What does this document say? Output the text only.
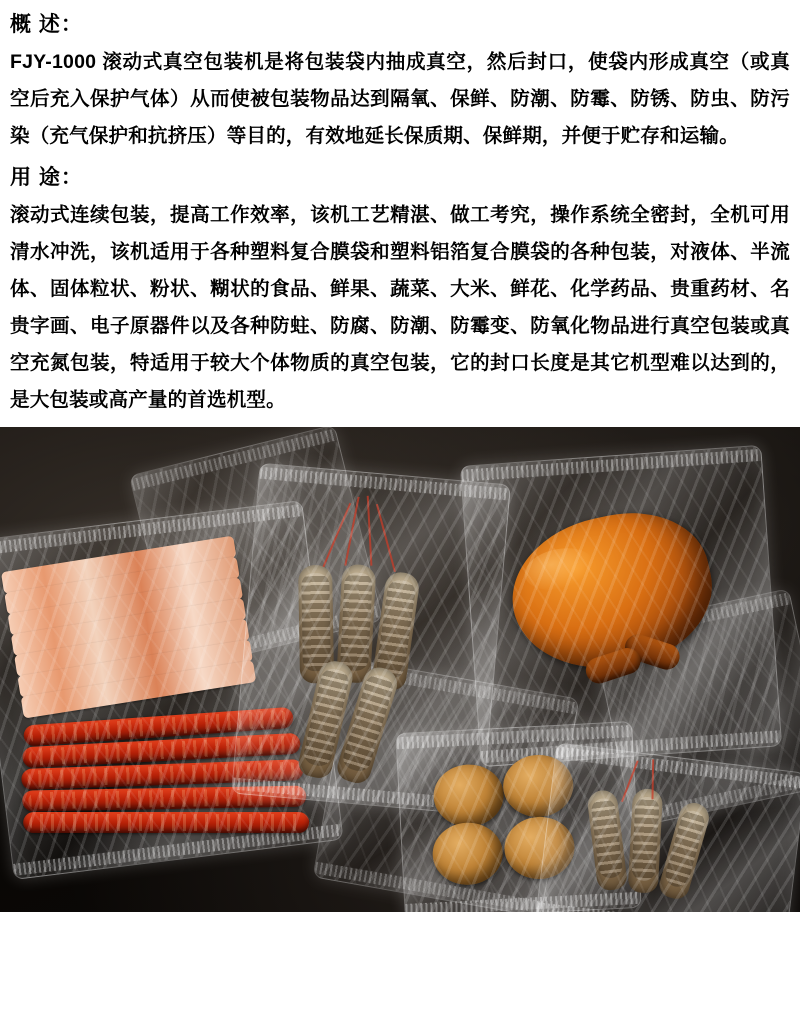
概 述：

FJY-1000 滚动式真空包装机是将包装袋内抽成真空，然后封口，使袋内形成真空（或真空后充入保护气体）从而使被包装物品达到隔氧、保鲜、防潮、防霉、防锈、防虫、防污染（充气保护和抗挤压）等目的，有效地延长保质期、保鲜期，并便于贮存和运输。

用 途：

滚动式连续包装，提高工作效率，该机工艺精湛、做工考究，操作系统全密封，全机可用清水冲洗，该机适用于各种塑料复合膜袋和塑料铝箔复合膜袋的各种包装，对液体、半流体、固体粒状、粉状、糊状的食品、鲜果、蔬菜、大米、鲜花、化学药品、贵重药材、名贵字画、电子原器件以及各种防蛀、防腐、防潮、防霉变、防氧化物品进行真空包装或真空充氮包装，特适用于较大个体物质的真空包装，它的封口长度是其它机型难以达到的，是大包装或高产量的首选机型。
